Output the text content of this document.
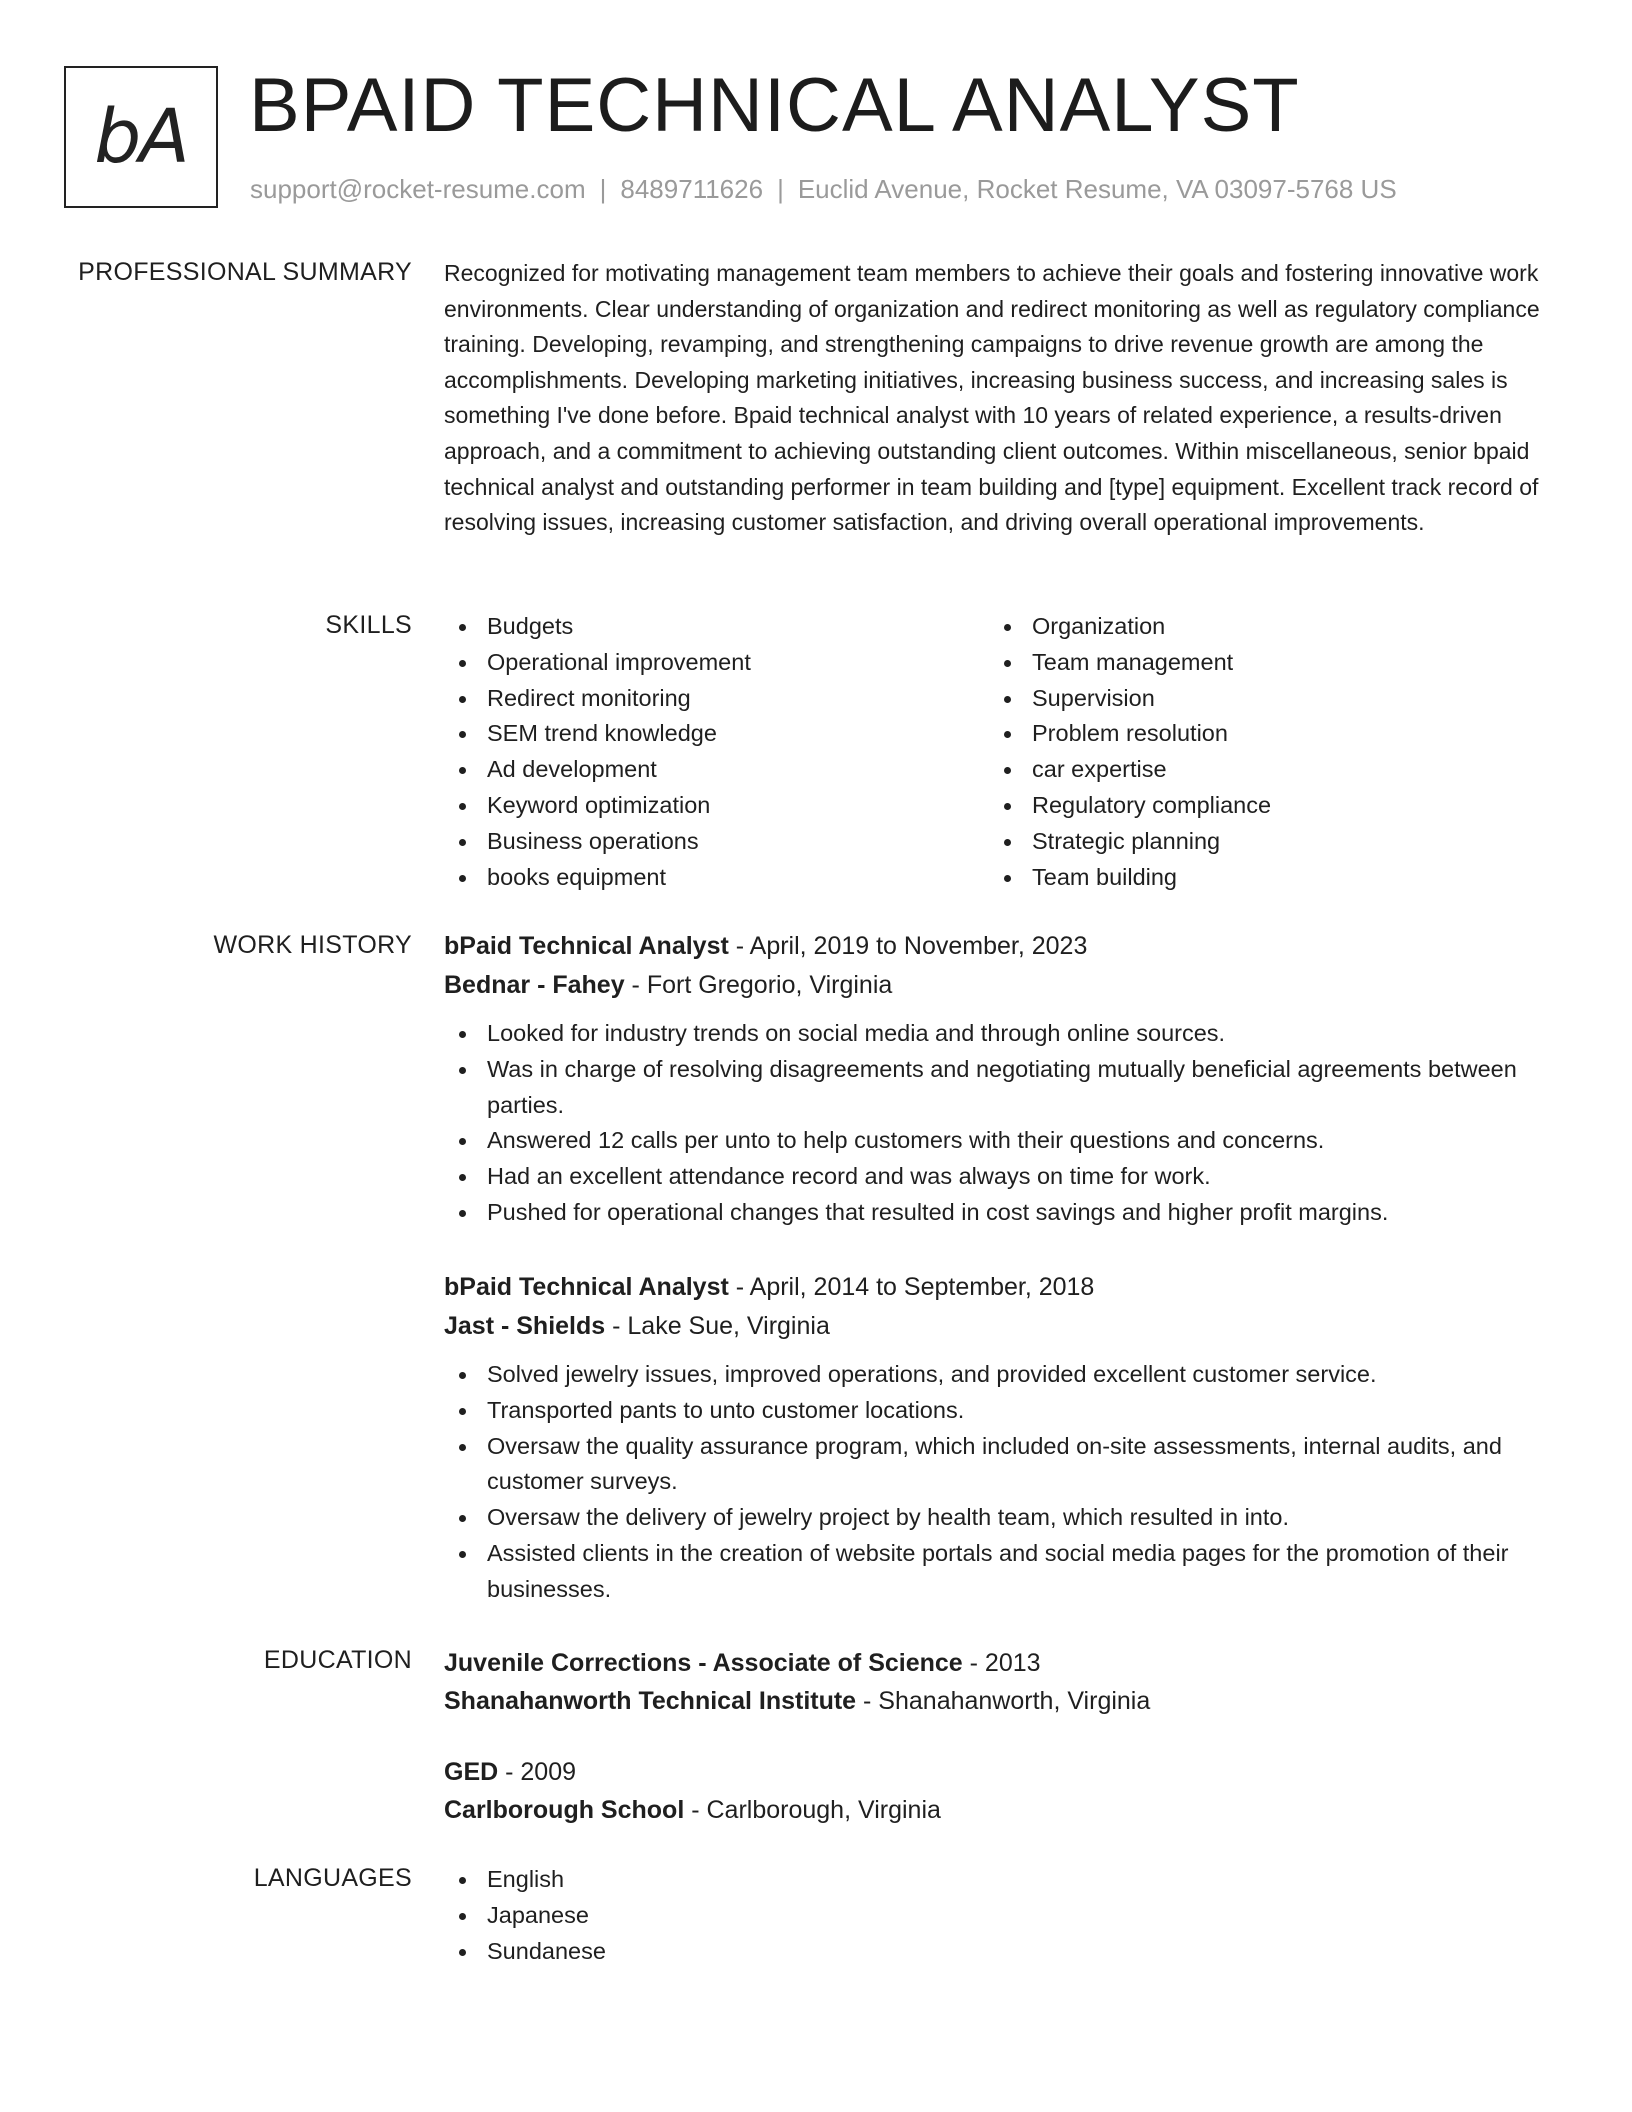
bA BPAID TECHNICAL ANALYST
support@rocket-resume.com | 8489711626 | Euclid Avenue, Rocket Resume, VA 03097-5768 US
PROFESSIONAL SUMMARY Recognized for motivating management team members to achieve their goals and fostering innovative work environments. Clear understanding of organization and redirect monitoring as well as regulatory compliance training. Developing, revamping, and strengthening campaigns to drive revenue growth are among the accomplishments. Developing marketing initiatives, increasing business success, and increasing sales is something I've done before. Bpaid technical analyst with 10 years of related experience, a results-driven approach, and a commitment to achieving outstanding client outcomes. Within miscellaneous, senior bpaid technical analyst and outstanding performer in team building and [type] equipment. Excellent track record of resolving issues, increasing customer satisfaction, and driving overall operational improvements.
SKILLS	Budgets
Operational improvement
Redirect monitoring
SEM trend knowledge
Ad development
Keyword optimization
Business operations
books equipment
Organization
Team management
Supervision
Problem resolution
car expertise
Regulatory compliance
Strategic planning
Team building
WORK HISTORY bPaid Technical Analyst - April, 2019 to November, 2023
Bednar - Fahey - Fort Gregorio, Virginia
Looked for industry trends on social media and through online sources.
Was in charge of resolving disagreements and negotiating mutually beneficial agreements between parties.
Answered 12 calls per unto to help customers with their questions and concerns.
Had an excellent attendance record and was always on time for work.
Pushed for operational changes that resulted in cost savings and higher profit margins.
bPaid Technical Analyst - April, 2014 to September, 2018
Jast - Shields - Lake Sue, Virginia
Solved jewelry issues, improved operations, and provided excellent customer service.
Transported pants to unto customer locations.
Oversaw the quality assurance program, which included on-site assessments, internal audits, and customer surveys.
Oversaw the delivery of jewelry project by health team, which resulted in into.
Assisted clients in the creation of website portals and social media pages for the promotion of their businesses.
EDUCATION Juvenile Corrections - Associate of Science - 2013
Shanahanworth Technical Institute - Shanahanworth, Virginia
GED - 2009
Carlborough School - Carlborough, Virginia
LANGUAGES	English
Japanese
Sundanese
